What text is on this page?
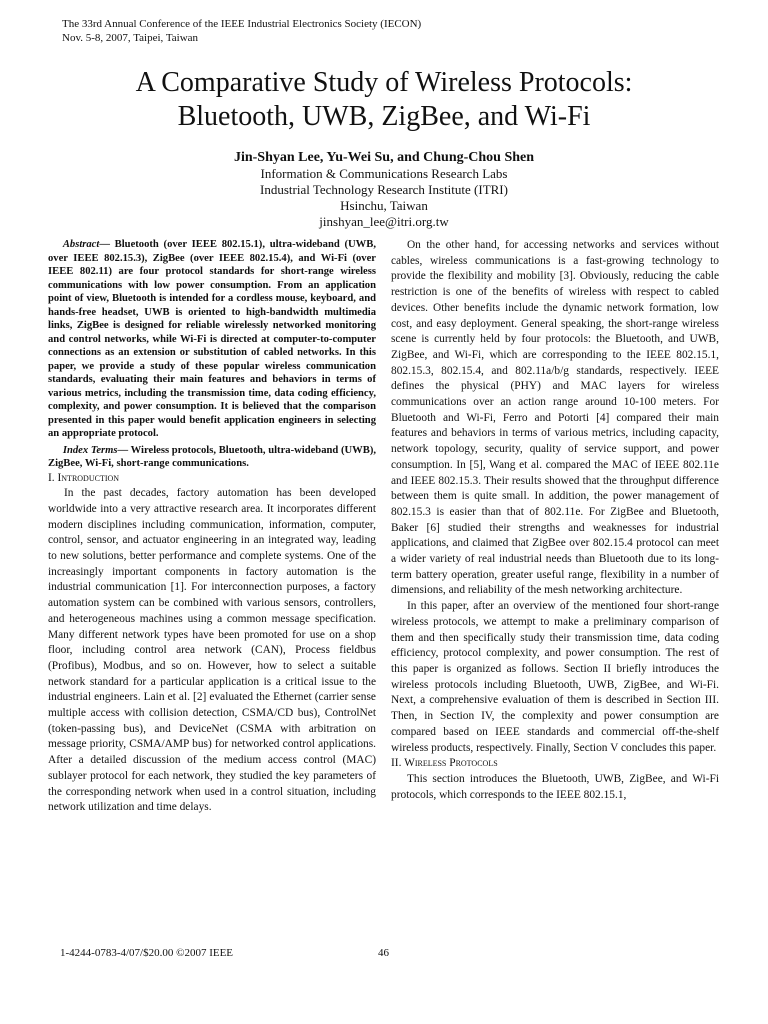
The 33rd Annual Conference of the IEEE Industrial Electronics Society (IECON)
Nov. 5-8, 2007, Taipei, Taiwan
A Comparative Study of Wireless Protocols:
Bluetooth, UWB, ZigBee, and Wi-Fi
Jin-Shyan Lee, Yu-Wei Su, and Chung-Chou Shen
Information & Communications Research Labs
Industrial Technology Research Institute (ITRI)
Hsinchu, Taiwan
jinshyan_lee@itri.org.tw

Abstract— Bluetooth (over IEEE 802.15.1), ultra-wideband (UWB, over IEEE 802.15.3), ZigBee (over IEEE 802.15.4), and Wi-Fi (over IEEE 802.11) are four protocol standards for short-range wireless communications with low power consumption. From an application point of view, Bluetooth is intended for a cordless mouse, keyboard, and hands-free headset, UWB is oriented to high-bandwidth multimedia links, ZigBee is designed for reliable wirelessly networked monitoring and control networks, while Wi-Fi is directed at computer-to-computer connections as an extension or substitution of cabled networks. In this paper, we provide a study of these popular wireless communication standards, evaluating their main features and behaviors in terms of various metrics, including the transmission time, data coding efficiency, complexity, and power consumption. It is believed that the comparison presented in this paper would benefit application engineers in selecting an appropriate protocol.

Index Terms— Wireless protocols, Bluetooth, ultra-wideband (UWB), ZigBee, Wi-Fi, short-range communications.

I. Introduction

In the past decades, factory automation has been developed worldwide into a very attractive research area. It incorporates different modern disciplines including communication, information, computer, control, sensor, and actuator engineering in an integrated way, leading to new solutions, better performance and complete systems. One of the increasingly important components in factory automation is the industrial communication [1]. For interconnection purposes, a factory automation system can be combined with various sensors, controllers, and heterogeneous machines using a common message specification. Many different network types have been promoted for use on a shop floor, including control area network (CAN), Process fieldbus (Profibus), Modbus, and so on. However, how to select a suitable network standard for a particular application is a critical issue to the industrial engineers. Lain et al. [2] evaluated the Ethernet (carrier sense multiple access with collision detection, CSMA/CD bus), ControlNet (token-passing bus), and DeviceNet (CSMA with arbitration on message priority, CSMA/AMP bus) for networked control applications. After a detailed discussion of the medium access control (MAC) sublayer protocol for each network, they studied the key parameters of the corresponding network when used in a control situation, including network utilization and time delays.

On the other hand, for accessing networks and services without cables, wireless communications is a fast-growing technology to provide the flexibility and mobility [3]. Obviously, reducing the cable restriction is one of the benefits of wireless with respect to cabled devices. Other benefits include the dynamic network formation, low cost, and easy deployment. General speaking, the short-range wireless scene is currently held by four protocols: the Bluetooth, and UWB, ZigBee, and Wi-Fi, which are corresponding to the IEEE 802.15.1, 802.15.3, 802.15.4, and 802.11a/b/g standards, respectively. IEEE defines the physical (PHY) and MAC layers for wireless communications over an action range around 10-100 meters. For Bluetooth and Wi-Fi, Ferro and Potorti [4] compared their main features and behaviors in terms of various metrics, including capacity, network topology, security, quality of service support, and power consumption. In [5], Wang et al. compared the MAC of IEEE 802.11e and IEEE 802.15.3. Their results showed that the throughput difference between them is quite small. In addition, the power management of 802.15.3 is easier than that of 802.11e. For ZigBee and Bluetooth, Baker [6] studied their strengths and weaknesses for industrial applications, and claimed that ZigBee over 802.15.4 protocol can meet a wider variety of real industrial needs than Bluetooth due to its long-term battery operation, greater useful range, flexibility in a number of dimensions, and reliability of the mesh networking architecture.

In this paper, after an overview of the mentioned four short-range wireless protocols, we attempt to make a preliminary comparison of them and then specifically study their transmission time, data coding efficiency, protocol complexity, and power consumption. The rest of this paper is organized as follows. Section II briefly introduces the wireless protocols including Bluetooth, UWB, ZigBee, and Wi-Fi. Next, a comprehensive evaluation of them is described in Section III. Then, in Section IV, the complexity and power consumption are compared based on IEEE standards and commercial off-the-shelf wireless products, respectively. Finally, Section V concludes this paper.

II. Wireless Protocols

This section introduces the Bluetooth, UWB, ZigBee, and Wi-Fi protocols, which corresponds to the IEEE 802.15.1,

1-4244-0783-4/07/$20.00 ©2007 IEEE	46
